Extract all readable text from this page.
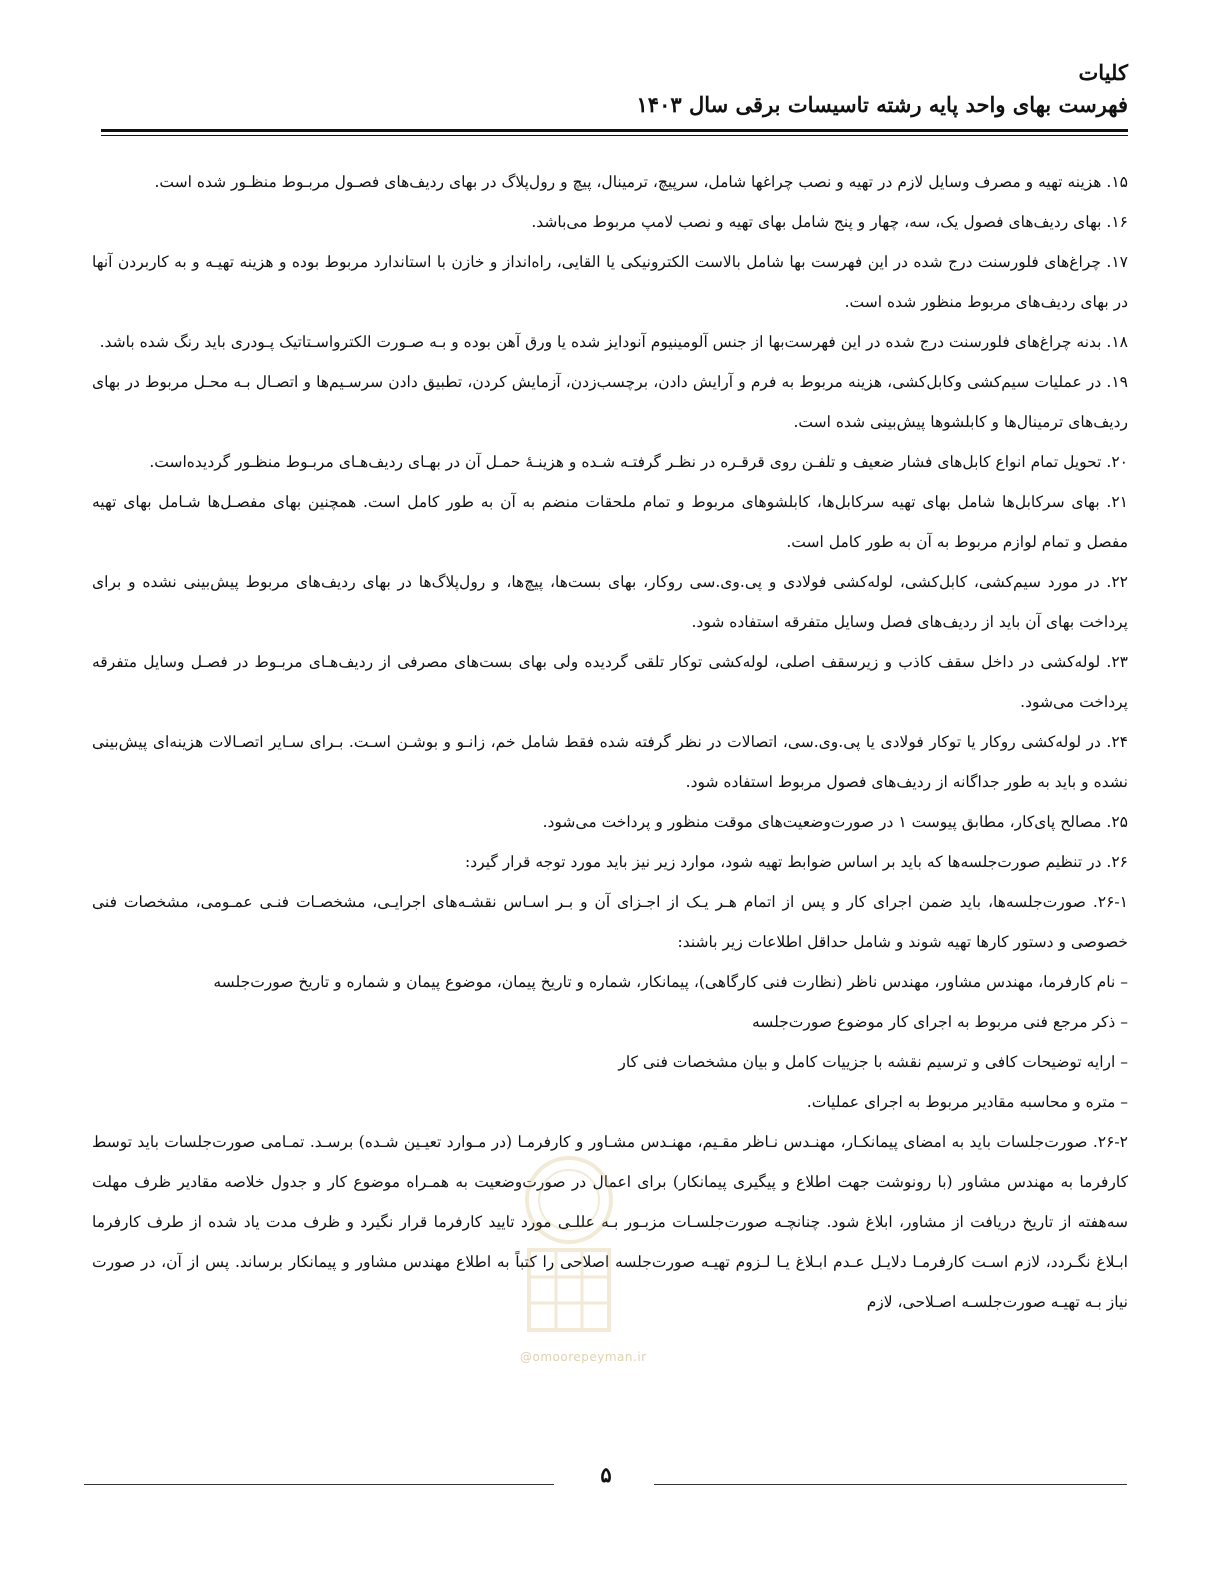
کلیات
فهرست بهای واحد پایه رشته تاسیسات برقی سال ۱۴۰۳

۱۵. هزینه تهیه و مصرف وسایل لازم در تهیه و نصب چراغها شامل، سرپیچ، ترمینال، پیچ و رول‌پلاگ در بهای ردیف‌های فصـول مربـوط منظـور شده است.

۱۶. بهای ردیف‌های فصول یک، سه، چهار و پنج شامل بهای تهیه و نصب لامپ مربوط می‌باشد.

۱۷. چراغ‌های فلورسنت درج شده در این فهرست بها شامل بالاست الکترونیکی یا القایی، راه‌انداز و خازن با استاندارد مربوط بوده و هزینه تهیـه و به کاربردن آنها در بهای ردیف‌های مربوط منظور شده است.

۱۸. بدنه چراغ‌های فلورسنت درج شده در این فهرست‌بها از جنس آلومینیوم آنودایز شده یا ورق آهن بوده و بـه صـورت الکترواسـتاتیک پـودری باید رنگ شده باشد.

۱۹. در عملیات سیم‌کشی وکابل‌کشی، هزینه مربوط به فرم و آرایش دادن، برچسب‌زدن، آزمایش کردن، تطبیق دادن سرسـیم‌ها و اتصـال بـه محـل مربوط در بهای ردیف‌های ترمینال‌ها و کابلشوها پیش‌بینی شده است.

۲۰. تحویل تمام انواع کابل‌های فشار ضعیف و تلفـن روی قرقـره در نظـر گرفتـه شـده و هزینـۀ حمـل آن در بهـای ردیف‌هـای مربـوط منظـور گردیده‌است.

۲۱. بهای سرکابل‌ها شامل بهای تهیه سرکابل‌ها، کابلشوهای مربوط و تمام ملحقات منضم به آن به طور کامل است. همچنین بهای مفصـل‌ها شـامل بهای تهیه مفصل و تمام لوازم مربوط به آن به طور کامل است.

۲۲. در مورد سیم‌کشی، کابل‌کشی، لوله‌کشی فولادی و پی.وی.سی روکار، بهای بست‌ها، پیچ‌ها، و رول‌پلاگ‌ها در بهای ردیف‌های مربوط پیش‌بینی نشده و برای پرداخت بهای آن باید از ردیف‌های فصل وسایل متفرقه استفاده شود.

۲۳. لوله‌کشی در داخل سقف کاذب و زیرسقف اصلی، لوله‌کشی توکار تلقی گردیده ولی بهای بست‌های مصرفی از ردیف‌هـای مربـوط در فصـل وسایل متفرقه پرداخت می‌شود.

۲۴. در لوله‌کشی روکار یا توکار فولادی یا پی.وی.سی، اتصالات در نظر گرفته شده فقط شامل خم، زانـو و بوشـن اسـت. بـرای سـایر اتصـالات هزینه‌ای پیش‌بینی نشده و باید به طور جداگانه از ردیف‌های فصول مربوط استفاده شود.

۲۵. مصالح پای‌کار، مطابق پیوست ۱ در صورت‌وضعیت‌های موقت منظور و پرداخت می‌شود.

۲۶. در تنظیم صورت‌جلسه‌ها که باید بر اساس ضوابط تهیه شود، موارد زیر نیز باید مورد توجه قرار گیرد:

۲۶-۱. صورت‌جلسه‌ها، باید ضمن اجرای کار و پس از اتمام هـر یـک از اجـزای آن و بـر اسـاس نقشـه‌های اجرایـی، مشخصـات فنـی عمـومی، مشخصات فنی خصوصی و دستور کارها تهیه شوند و شامل حداقل اطلاعات زیر باشند:

– نام کارفرما، مهندس مشاور، مهندس ناظر (نظارت فنی کارگاهی)، پیمانکار، شماره و تاریخ پیمان، موضوع پیمان و شماره و تاریخ صورت‌جلسه

– ذکر مرجع فنی مربوط به اجرای کار موضوع صورت‌جلسه

– ارایه توضیحات کافی و ترسیم نقشه با جزییات کامل و بیان مشخصات فنی کار

– متره و محاسبه مقادیر مربوط به اجرای عملیات.

۲۶-۲. صورت‌جلسات باید به امضای پیمانکـار، مهنـدس نـاظر مقـیم، مهنـدس مشـاور و کارفرمـا (در مـوارد تعیـین شـده) برسـد. تمـامی صورت‌جلسات باید توسط کارفرما به مهندس مشاور (با رونوشت جهت اطلاع و پیگیری پیمانکار) برای اعمال در صورت‌وضعیت به همـراه موضوع کار و جدول خلاصه مقادیر ظرف مهلت سه‌هفته از تاریخ دریافت از مشاور، ابلاغ شود. چنانچـه صورت‌جلسـات مزبـور بـه عللـی مورد تایید کارفرما قرار نگیرد و ظرف مدت یاد شده از طرف کارفرما ابـلاغ نگـردد، لازم اسـت کارفرمـا دلایـل عـدم ابـلاغ یـا لـزوم تهیـه صورت‌جلسه اصلاحی را کتباً به اطلاع مهندس مشاور و پیمانکار برساند. پس از آن، در صورت نیاز بـه تهیـه صورت‌جلسـه اصـلاحی، لازم

@omoorepeyman.ir
۵
